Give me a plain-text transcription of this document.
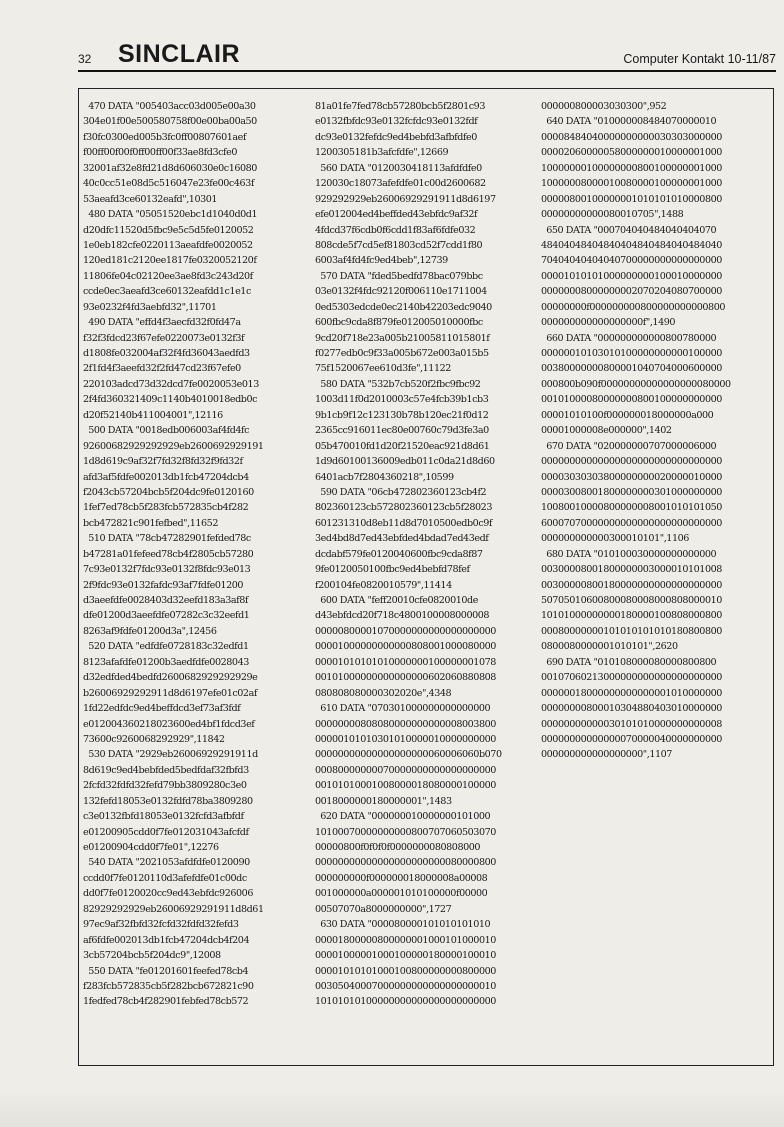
32 SINCLAIR	Computer Kontakt 10-11/87
470 DATA "005403acc03d005e00a30
304e01f00e500580758f00e00ba00a50
f30fc0300ed005b3fc0ff00807601aef
f00ff00f00f0ff00ff00f33ae8fd3cfe0
32001af32e8fd21d8d606030e0c16080
40c0cc51e08d5c516047e23fe00c463f
53aeafd3ce60132eafd",10301
480 DATA "05051520ebc1d1040d0d1
d20dfc11520d5fbc9e5c5d5fe0120052
1e0eb182cfe0220113aeafdfe0020052
120ed181c2120ee1817fe0320052120f
11806fe04c02120ee3ae8fd3c243d20f
ccde0ec3aeafd3ce60132eafdd1c1e1c
93e0232f4fd3aebfd32",11701
490 DATA "effd4f3aecfd32f0fd47a
f32f3fdcd23f67efe0220073e0132f3f
d1808fe032004af32f4fd36043aedfd3
2f1fd4f3aeefd32f2fd47cd23f67efe0
220103adcd73d32dcd7fe0020053e013
2f4fd360321409c1140b4010018edb0c
d20f52140b411004001",12116
500 DATA "0018edb006003af4fd4fc
92600682929292929eb2600692929191
1d8d619c9af32f7fd32f8fd32f9fd32f
afd3af5fdfe002013db1fcb47204dcb4
f2043cb57204bcb5f204dc9fe0120160
1fef7ed78cb5f283fcb572835cb4f282
bcb472821c901fefbed",11652
510 DATA "78cb47282901fefded78c
b47281a01fefeed78cb4f2805cb57280
7c93e0132f7fdc93e0132f8fdc93e013
2f9fdc93e0132fafdc93af7fdfe01200
d3aeefdfe0028403d32eefd183a3af8f
dfe01200d3aeefdfe07282c3c32eefd1
8263af9fdfe01200d3a",12456
520 DATA "edfdfe0728183c32edfd1
8123afafdfe01200b3aedfdfe0028043
d32edfded4bedfd2600682929292929e
b26006929292911d8d6197efe01c02af
1fd22edfdc9ed4beffdcd3ef73af3fdf
e012004360218023600ed4bf1fdcd3ef
73600c9260068292929",11842
530 DATA "2929eb26006929291911d
8d619c9ed4bebfded5bedfdaf32fbfd3
2fcfd32fdfd32fefd79bb3809280c3e0
132fefd18053e0132fdfd78ba3809280
c3e0132fbfd18053e0132fcfd3afbfdf
e01200905cdd0f7fe012031043afcfdf
e01200904cdd0f7fe01",12276
540 DATA "2021053afdfdfe0120090
ccdd0f7fe0120110d3afefdfe01c00dc
dd0f7fe0120020cc9ed43ebfdc926006
82929292929eb26006929291911d8d61
97ec9af32fbfd32fcfd32fdfd32fefd3
af6fdfe002013db1fcb47204dcb4f204
3cb57204bcb5f204dc9",12008
550 DATA "fe01201601feefed78cb4
f283fcb572835cb5f282bcb672821c90
1fedfed78cb4f282901febfed78cb572
81a01fe7fed78cb57280bcb5f2801c93
e0132fbfdc93e0132fcfdc93e0132fdf
dc93e0132fefdc9ed4bebfd3afbfdfe0
1200305181b3afcfdfe",12669
560 DATA "0120030418113afdfdfe0
120030c18073afefdfe01c00d2600682
929292929eb26006929291911d8d6197
efe012004ed4beffded43ebfdc9af32f
4fdcd37f6cdb0f6cdd1f83af6fdfe032
808cde5f7cd5ef81803cd52f7cdd1f80
6003af4fd4fc9ed4beb",12739
570 DATA "fded5bedfd78bac079bbc
03e0132f4fdc92120f006110e1711004
0ed5303edcde0ec2140b42203edc9040
600fbc9cda8f879fe012005010000fbc
9cd20f718e23a005b21005811015801f
f0277edb0c9f33a005b672e003a015b5
75f1520067ee610d3fe",11122
580 DATA "532b7cb520f2fbc9fbc92
1003d11f0d2010003c57e4fcb39b1cb3
9b1cb9f12c123130b78b120ec21f0d12
2365cc916011ec80e00760c79d3fe3a0
05b470010fd1d20f21520eac921d8d61
1d9d60100136009edb011c0da21d8d60
6401acb7f2804360218",10599
590 DATA "06cb472802360123cb4f2
802360123cb572802360123cb5f28023
601231310d8eb11d8d7010500edb0c9f
3ed4bd8d7ed43ebfded4bdad7ed43edf
dcdabf579fe0120040600fbc9cda8f87
9fe0120050100fbc9ed4bebfd78fef
f200104fe0820010579",11414
600 DATA "feff20010cfe0820010de
d43ebfdcd20f718c4800100008000008
00000800001070000000000000000000
00001000000000000808001000080000
00001010101010000000100000001078
00101000000000000000602060880808
080808080000302020e",4348
610 DATA "070301000000000000000
00000000808080000000000008003800
00000101010301010000010000000000
00000000000000000000060006060b070
00080000000070000000000000000000
00101010001008000018080000100000
0018000000180000001",1483
620 DATA "000000010000000101000
10100070000000000800707060503070
00000800f0f0f0f0000000080808000
00000000000000000000000080000800
000000000f000000018000008a00008
001000000a000001010100000f00000
00507070a8000000000",1727
630 DATA "000080000101010101010
00001800000800000001000101000010
00001000001000100000180000100010
00001010101000100800000000800000
00305040007000000000000000000010
10101010100000000000000000000000
000000800003030300",952
640 DATA "010000008484070000010
00008484040000000000030303000000
00002060000058000000010000001000
10000000100000000800100000001000
10000008000010080000100000001000
00000800100000001010101010000800
00000000000080010705",1488
650 DATA "000704040484040404070
48404048404840404840484040484040
70404040404040700000000000000000
00001010101000000000100010000000
00000008000000002070204080700000
00000000f000000000800000000000800
000000000000000000f",1490
660 DATA "000000000000800780000
00000010103010100000000000100000
00380000000800001040704000600000
000800b090f00000000000000000080000
00101000080000000800100000000000
00001010100f000000018000000a000
00001000008e000000",1402
670 DATA "020000000707000006000
00000000000000000000000000000000
00003030303800000000020000010000
00003008001800000000301000000000
10080010000800000008001010101050
60007070000000000000000000000000
000000000000300010101",1106
680 DATA "010100030000000000000
00300008001800000003000010101008
00300000800180000000000000000000
50705010600800080008000808000010
10101000000000180000100808000800
00080000000101010101010180800800
0800080000001010101",2620
690 DATA "010108000080000800800
00107060213000000000000000000000
00000018000000000000001010000000
00000000800010304880403010000000
00000000000030101010000000000008
00000000000000070000040000000000
000000000000000000",1107
